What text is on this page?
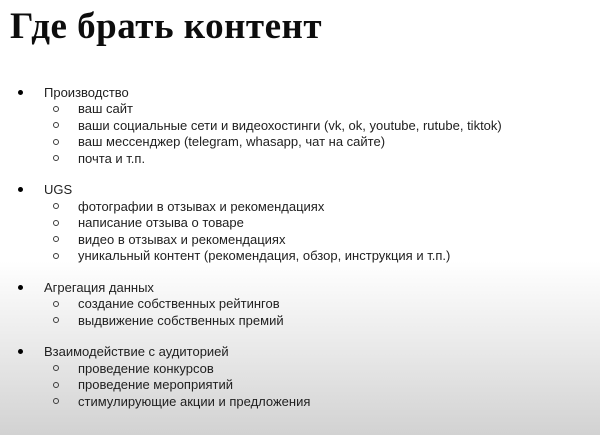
Где брать контент
Производство
ваш сайт
ваши социальные сети и видеохостинги (vk, ok, youtube, rutube, tiktok)
ваш мессенджер (telegram, whasapp, чат на сайте)
почта и т.п.
UGS
фотографии в отзывах и рекомендациях
написание отзыва о товаре
видео в отзывах и рекомендациях
уникальный контент (рекомендация, обзор, инструкция и т.п.)
Агрегация данных
создание собственных рейтингов
выдвижение собственных премий
Взаимодействие с аудиторией
проведение конкурсов
проведение мероприятий
стимулирующие акции и предложения
